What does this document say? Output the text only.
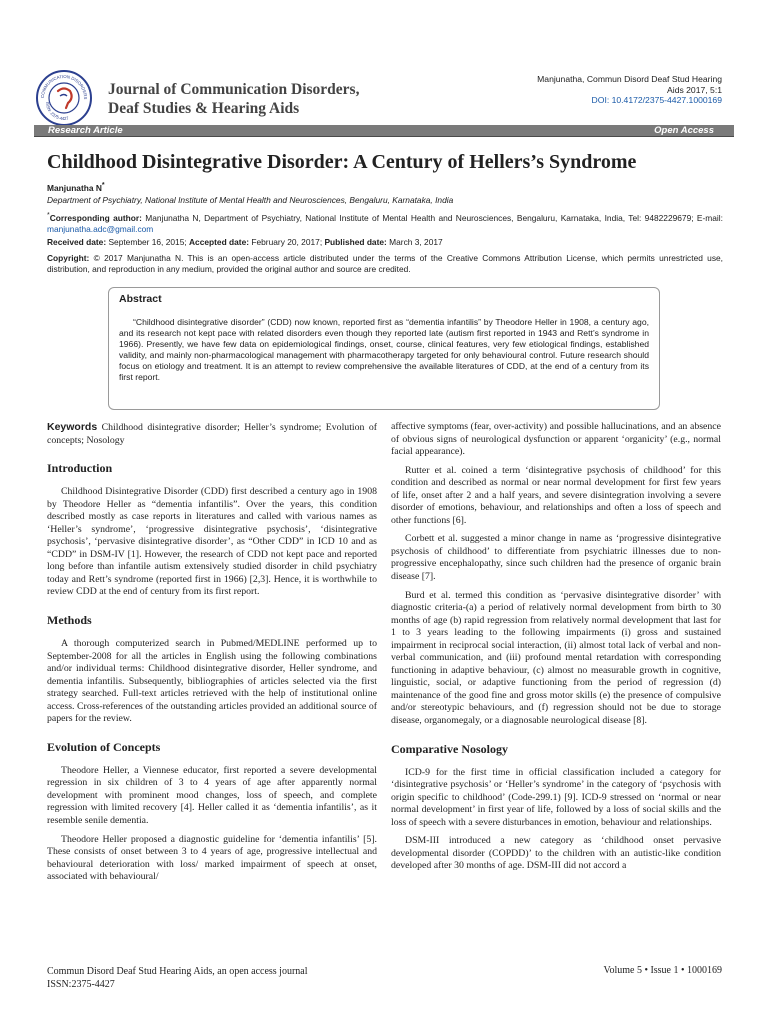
COMMUNICATION DISORDERS
ISSN: 2375-4427
Journal of Communication Disorders,
Deaf Studies & Hearing Aids
Manjunatha, Commun Disord Deaf Stud Hearing
Aids 2017, 5:1
DOI: 10.4172/2375-4427.1000169
Research Article	Open Access
Childhood Disintegrative Disorder: A Century of Hellers’s Syndrome
Manjunatha N*
Department of Psychiatry, National Institute of Mental Health and Neurosciences, Bengaluru, Karnataka, India
*Corresponding author: Manjunatha N, Department of Psychiatry, National Institute of Mental Health and Neurosciences, Bengaluru, Karnataka, India, Tel: 9482229679; E-mail: manjunatha.adc@gmail.com
Received date: September 16, 2015; Accepted date: February 20, 2017; Published date: March 3, 2017
Copyright: © 2017 Manjunatha N. This is an open-access article distributed under the terms of the Creative Commons Attribution License, which permits unrestricted use, distribution, and reproduction in any medium, provided the original author and source are credited.
Abstract

“Childhood disintegrative disorder” (CDD) now known, reported first as “dementia infantilis” by Theodore Heller in 1908, a century ago, and its research not kept pace with related disorders even though they reported late (autism first reported in 1943 and Rett’s syndrome in 1966). Presently, we have few data on epidemiological findings, onset, course, clinical features, very few etiological findings, established validity, and mainly non-pharmacological management with pharmacotherapy targeted for only behavioural control. Future research should focus on etiology and treatment. It is an attempt to review comprehensive the available literatures of CDD, at the end of a century from its first report.

Keywords Childhood disintegrative disorder; Heller’s syndrome; Evolution of concepts; Nosology

Introduction

Childhood Disintegrative Disorder (CDD) first described a century ago in 1908 by Theodore Heller as “dementia infantilis”. Over the years, this condition described mostly as case reports in literatures and called with various names as ‘Heller’s syndrome’, ‘progressive disintegrative psychosis’, ‘disintegrative psychosis’, ‘pervasive disintegrative disorder’, as “Other CDD” in ICD 10 and as “CDD” in DSM-IV [1]. However, the research of CDD not kept pace and reported long before than infantile autism extensively studied disorder in child psychiatry today and Rett’s syndrome (reported first in 1966) [2,3]. Hence, it is worthwhile to review CDD at the end of century from its first report.

Methods

A thorough computerized search in Pubmed/MEDLINE performed up to September-2008 for all the articles in English using the following combinations and/or individual terms: Childhood disintegrative disorder, Heller syndrome, and dementia infantilis. Subsequently, bibliographies of articles selected via the first strategy searched. Full-text articles retrieved with the help of institutional online access. Cross-references of the outstanding articles provided an additional source of papers for the review.

Evolution of Concepts

Theodore Heller, a Viennese educator, first reported a severe developmental regression in six children of 3 to 4 years of age after apparently normal development with prominent mood changes, loss of speech, and complete regression with limited recovery [4]. Heller called it as ‘dementia infantilis’, as it resemble senile dementia.

Theodore Heller proposed a diagnostic guideline for ‘dementia infantilis’ [5]. These consists of onset between 3 to 4 years of age, progressive intellectual and behavioural deterioration with loss/ marked impairment of speech at onset, associated with behavioural/

affective symptoms (fear, over-activity) and possible hallucinations, and an absence of obvious signs of neurological dysfunction or apparent ‘organicity’ (e.g., normal facial appearance).

Rutter et al. coined a term ‘disintegrative psychosis of childhood’ for this condition and described as normal or near normal development for first few years of life, onset after 2 and a half years, and severe disintegration involving a severe disorder of emotions, behaviour, and relationships and often a loss of speech and other functions [6].

Corbett et al. suggested a minor change in name as ‘progressive disintegrative psychosis of childhood’ to differentiate from psychiatric illnesses due to non-progressive encephalopathy, since such children had the presence of organic brain disease [7].

Burd et al. termed this condition as ‘pervasive disintegrative disorder’ with diagnostic criteria-(a) a period of relatively normal development from birth to 30 months of age (b) rapid regression from relatively normal development that last for 1 to 3 years leading to the following impairments (i) gross and sustained impairment in reciprocal social interaction, (ii) almost total lack of verbal and non-verbal communication, and (iii) profound mental retardation with corresponding functioning in adaptive behaviour, (c) almost no measurable growth in cognitive, linguistic, social, or adaptive functioning from the period of regression (d) maintenance of the good fine and gross motor skills (e) the presence of compulsive and/or stereotypic behaviours, and (f) regression should not be due to storage disease, organomegaly, or a diagnosable neurological disease [8].

Comparative Nosology

ICD-9 for the first time in official classification included a category for ‘disintegrative psychosis’ or ‘Heller’s syndrome’ in the category of ‘psychosis with origin specific to childhood’ (Code-299.1) [9]. ICD-9 stressed on ‘normal or near normal development’ in first year of life, followed by a loss of social skills and the loss of speech with a severe disturbances in emotion, behaviour and relationships.

DSM-III introduced a new category as ‘childhood onset pervasive developmental disorder (COPDD)’ to the children with an autistic-like condition developed after 30 months of age. DSM-III did not accord a

Commun Disord Deaf Stud Hearing Aids, an open access journal
ISSN:2375-4427
Volume 5 • Issue 1 • 1000169
